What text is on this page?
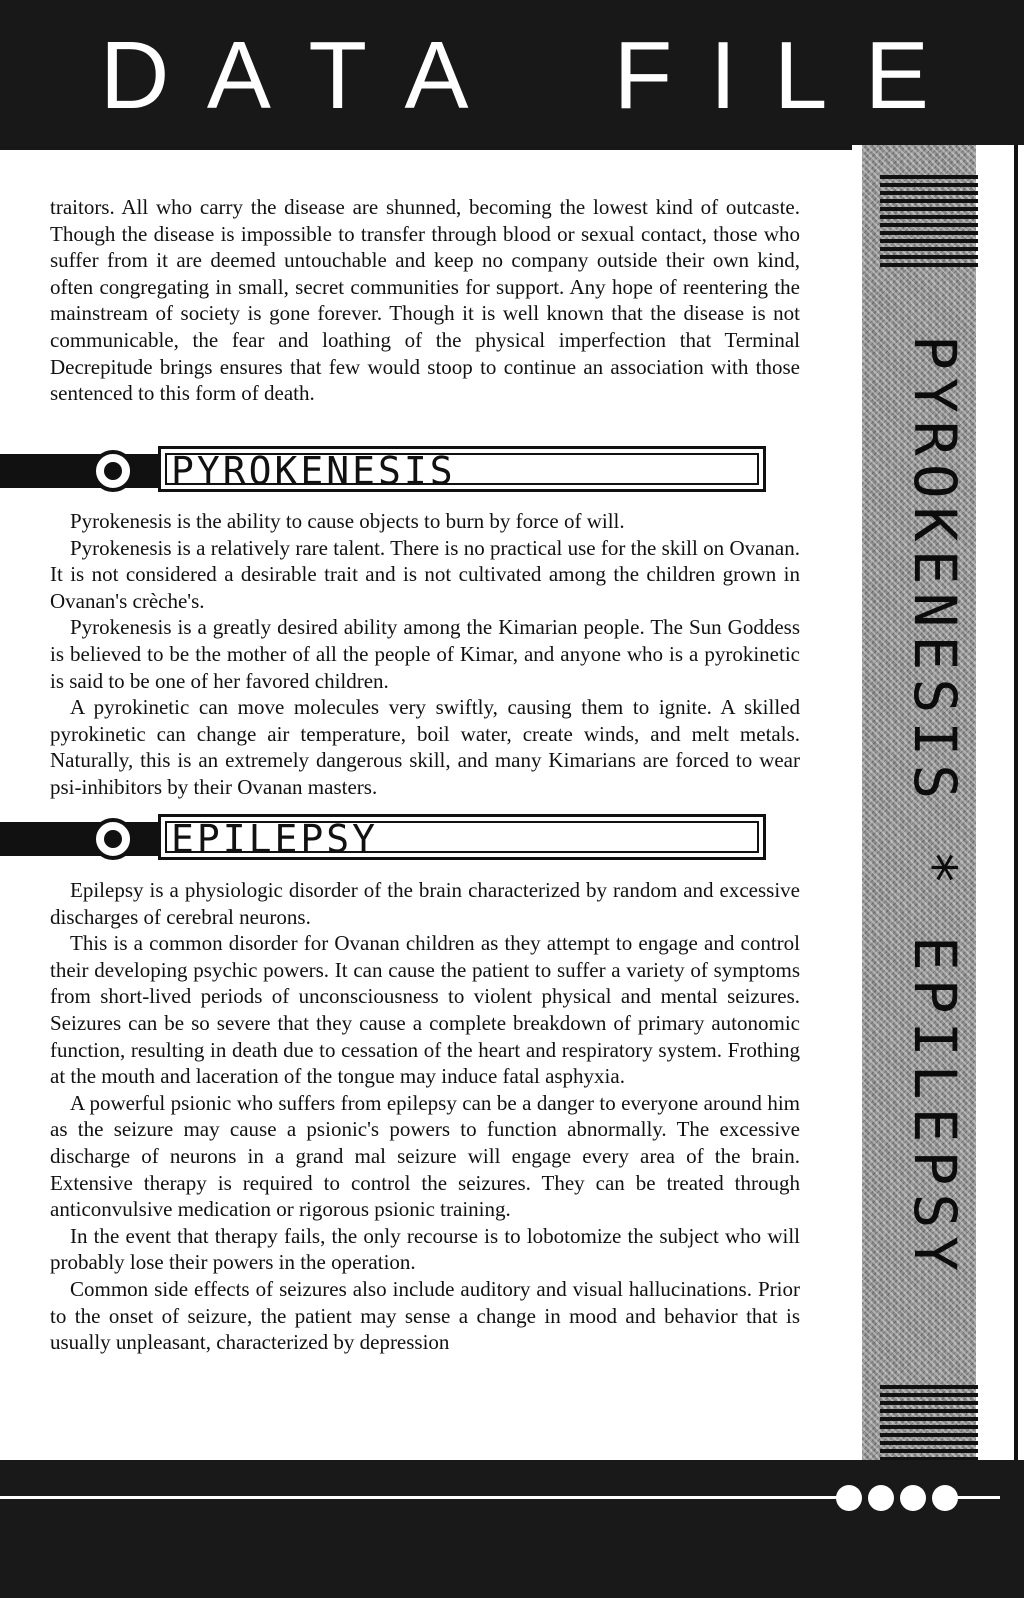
D A T A F I L E
PYROKENESIS * EPILEPSY

traitors. All who carry the disease are shunned, becoming the lowest kind of outcaste. Though the disease is impossible to transfer through blood or sexual contact, those who suffer from it are deemed untouchable and keep no company outside their own kind, often congregating in small, secret communities for support. Any hope of reentering the mainstream of society is gone forever. Though it is well known that the disease is not communicable, the fear and loathing of the physical imperfection that Terminal Decrepitude brings ensures that few would stoop to continue an association with those sentenced to this form of death.

PYROKENESIS

Pyrokenesis is the ability to cause objects to burn by force of will.

Pyrokenesis is a relatively rare talent. There is no practical use for the skill on Ovanan. It is not considered a desirable trait and is not cultivated among the children grown in Ovanan's crèche's.

Pyrokenesis is a greatly desired ability among the Kimarian people. The Sun Goddess is believed to be the mother of all the people of Kimar, and anyone who is a pyrokinetic is said to be one of her favored children.

A pyrokinetic can move molecules very swiftly, causing them to ignite. A skilled pyrokinetic can change air temperature, boil water, create winds, and melt metals. Naturally, this is an extremely dangerous skill, and many Kimarians are forced to wear psi-inhibitors by their Ovanan masters.

EPILEPSY

Epilepsy is a physiologic disorder of the brain characterized by random and excessive discharges of cerebral neurons.

This is a common disorder for Ovanan children as they attempt to engage and control their developing psychic powers. It can cause the patient to suffer a variety of symptoms from short-lived periods of unconsciousness to violent physical and mental seizures. Seizures can be so severe that they cause a complete breakdown of primary autonomic function, resulting in death due to cessation of the heart and respiratory system. Frothing at the mouth and laceration of the tongue may induce fatal asphyxia.

A powerful psionic who suffers from epilepsy can be a danger to everyone around him as the seizure may cause a psionic's powers to function abnormally. The excessive discharge of neurons in a grand mal seizure will engage every area of the brain. Extensive therapy is required to control the seizures. They can be treated through anticonvulsive medication or rigorous psionic training.

In the event that therapy fails, the only recourse is to lobotomize the subject who will probably lose their powers in the operation.

Common side effects of seizures also include auditory and visual hallucinations. Prior to the onset of seizure, the patient may sense a change in mood and behavior that is usually unpleasant, characterized by depression
